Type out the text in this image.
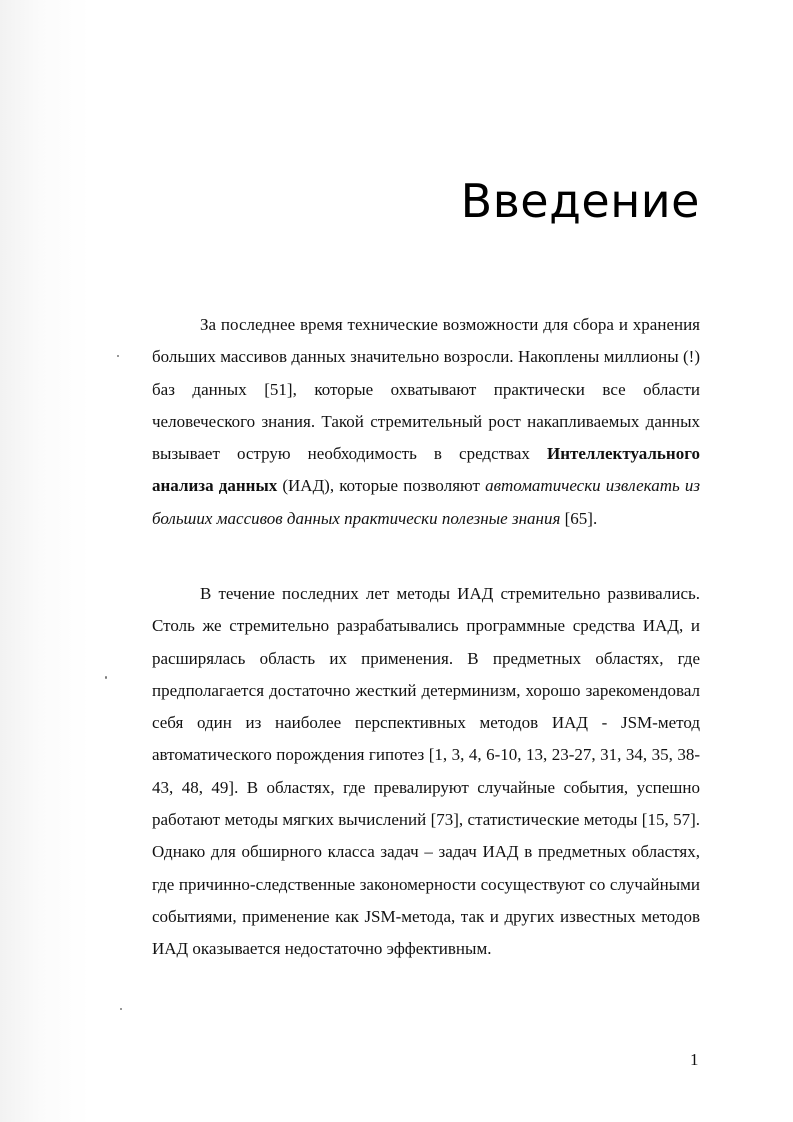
Введение

За последнее время технические возможности для сбора и хранения больших массивов данных значительно возросли. Накоплены миллионы (!) баз данных [51], которые охватывают практически все области человеческого знания. Такой стремительный рост накапливаемых данных вызывает острую необходимость в средствах Интеллектуального анализа данных (ИАД), которые позволяют автоматически извлекать из больших массивов данных практически полезные знания [65].

В течение последних лет методы ИАД стремительно развивались. Столь же стремительно разрабатывались программные средства ИАД, и расширялась область их применения. В предметных областях, где предполагается достаточно жесткий детерминизм, хорошо зарекомендовал себя один из наиболее перспективных методов ИАД - JSM-метод автоматического порождения гипотез [1, 3, 4, 6-10, 13, 23-27, 31, 34, 35, 38-43, 48, 49]. В областях, где превалируют случайные события, успешно работают методы мягких вычислений [73], статистические методы [15, 57]. Однако для обширного класса задач – задач ИАД в предметных областях, где причинно-следственные закономерности сосуществуют со случайными событиями, применение как JSM-метода, так и других известных методов ИАД оказывается недостаточно эффективным.

1
